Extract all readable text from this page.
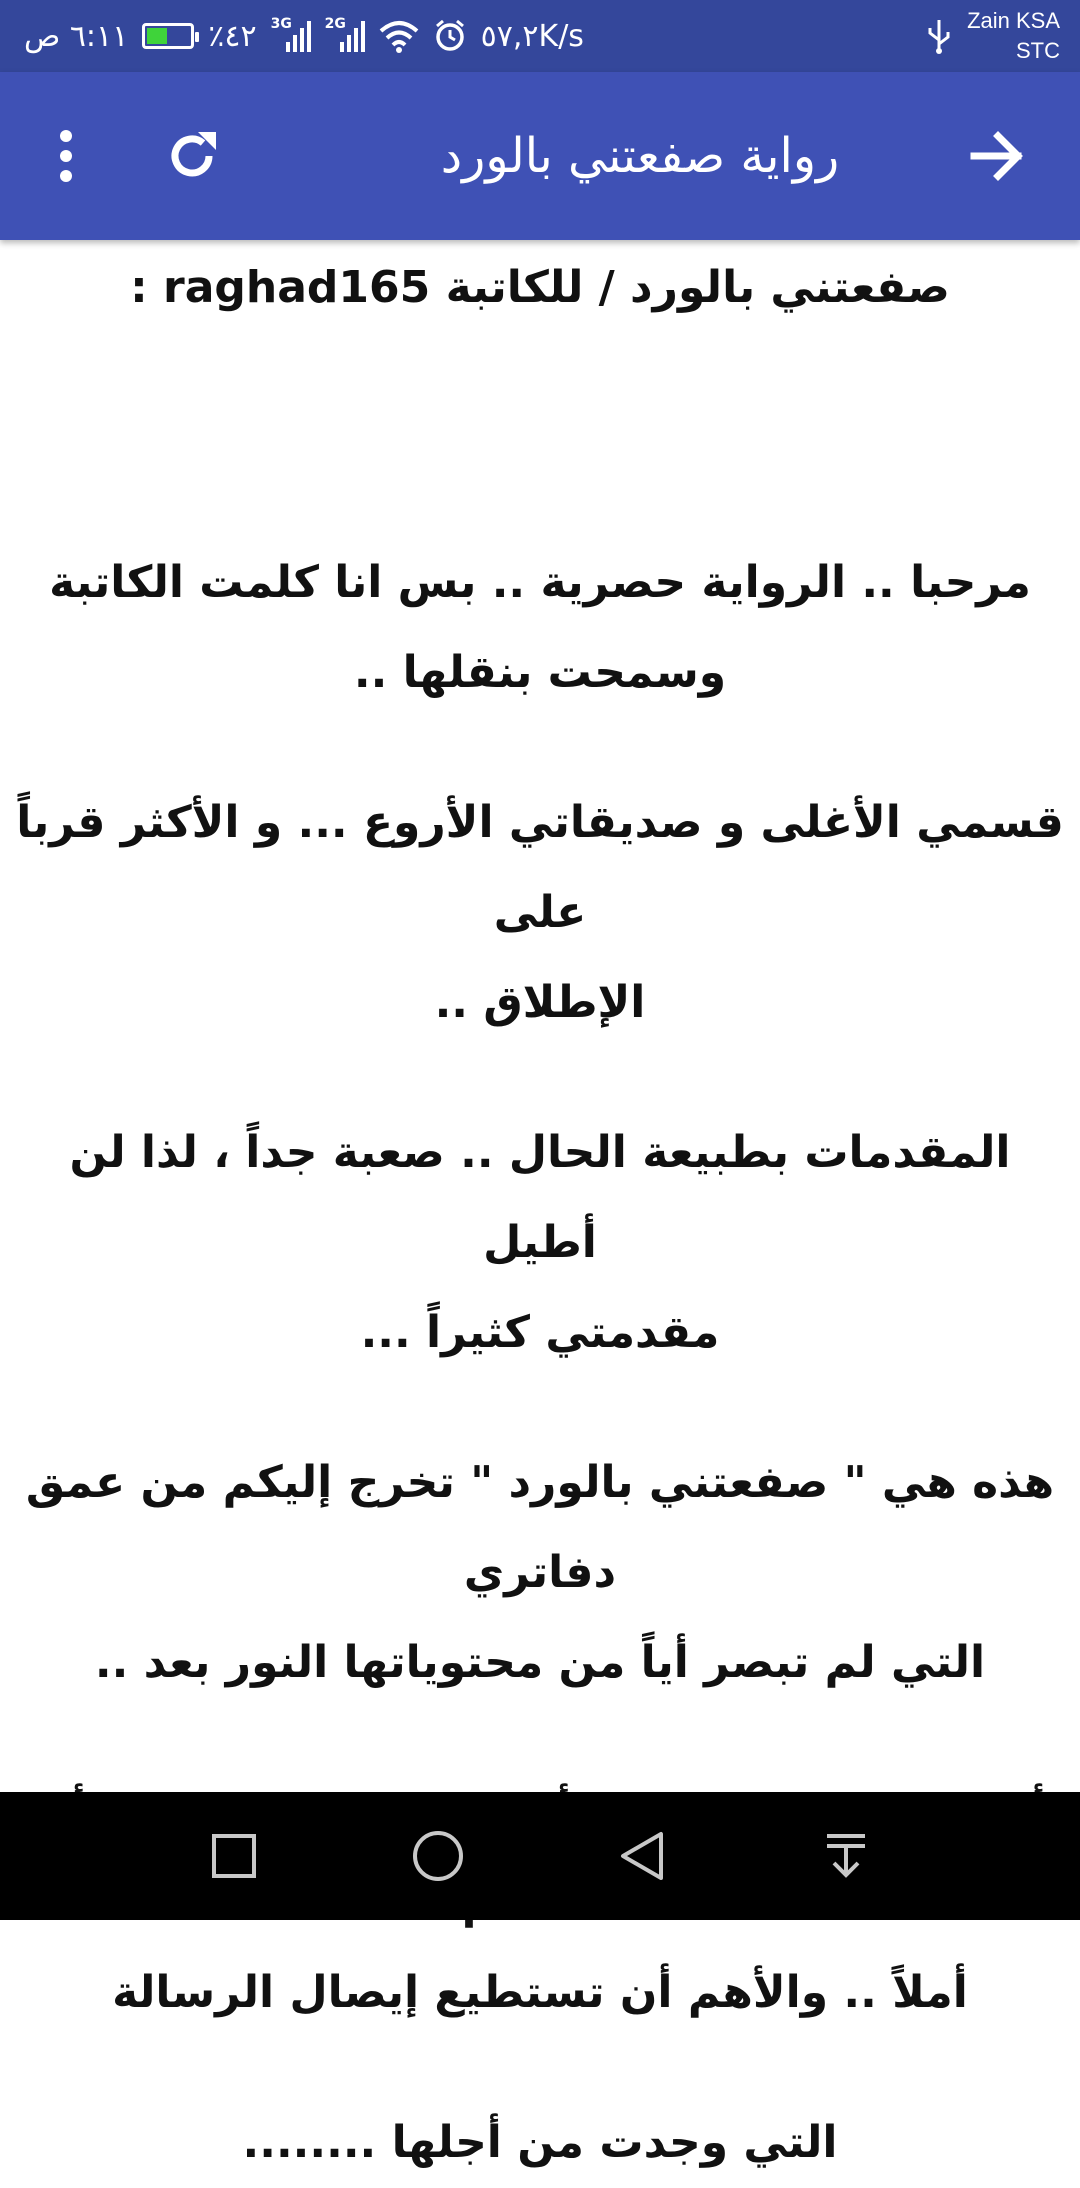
٦:١١ ص	٪٤٢ 3G 2G	٥٧,٢K/s	Zain KSA
STC
رواية صفعتني بالورد
صفعتني بالورد / للكاتبة raghad165 :
مرحبا .. الرواية حصرية .. بس انا كلمت الكاتبة
وسمحت بنقلها ..
قسمي الأغلى و صديقاتي الأروع ... و الأكثر قرباً على
الإطلاق ..
المقدمات بطبيعة الحال .. صعبة جداً ، لذا لن أطيل
مقدمتي كثيراً ...
هذه هي " صفعتني بالورد " تخرج إليكم من عمق دفاتري
التي لم تبصر أياً من محتوياتها النور بعد ..
أملاً .. والأهم أن تستطيع إيصال الرسالة
التي وجدت من أجلها ........
